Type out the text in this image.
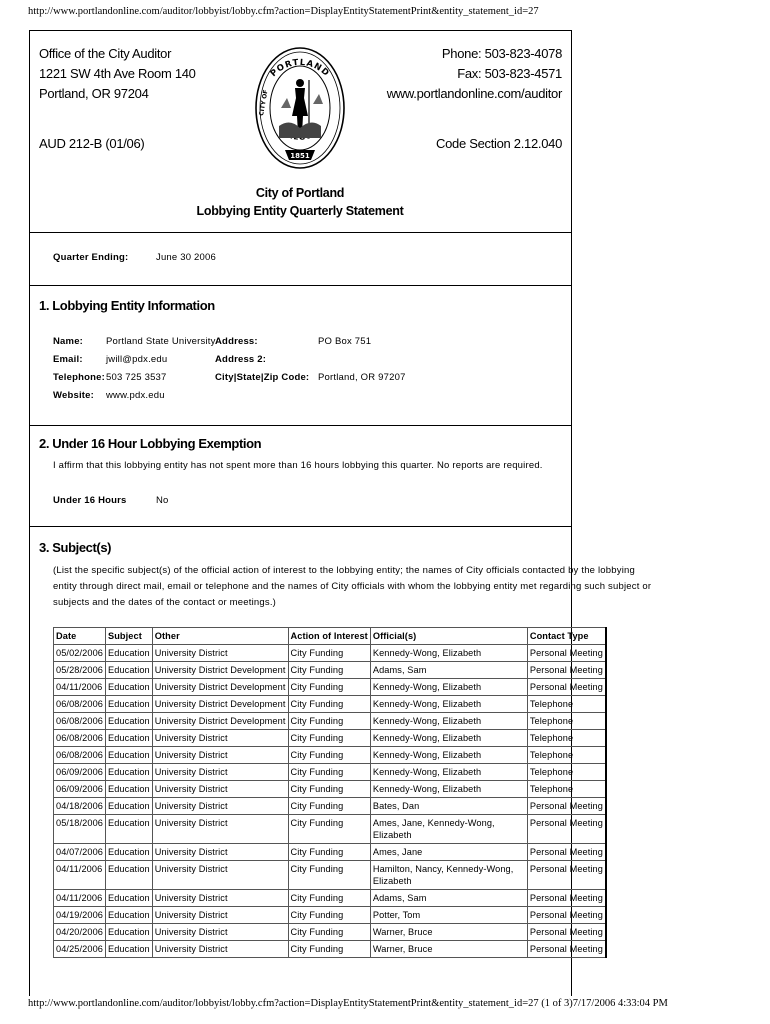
http://www.portlandonline.com/auditor/lobbyist/lobby.cfm?action=DisplayEntityStatementPrint&entity_statement_id=27
Office of the City Auditor
1221 SW 4th Ave Room 140
Portland, OR 97204
Phone: 503-823-4078
Fax: 503-823-4571
www.portlandonline.com/auditor
AUD 212-B (01/06)	Code Section 2.12.040
PORTLAND
CITY OF
1851
City of Portland
Lobbying Entity Quarterly Statement
Quarter Ending:	June 30 2006
1. Lobbying Entity Information
Name: Portland State University
Email: jwill@pdx.edu
Telephone: 503 725 3537
Website: www.pdx.edu
Address:	PO Box 751
Address 2:
City|State|Zip Code: Portland, OR 97207
2. Under 16 Hour Lobbying Exemption
I affirm that this lobbying entity has not spent more than 16 hours lobbying this quarter. No reports are required.
Under 16 Hours	No
3. Subject(s)
(List the specific subject(s) of the official action of interest to the lobbying entity; the names of City officials contacted by the lobbying
entity through direct mail, email or telephone and the names of City officials with whom the lobbying entity met regarding such subject or
subjects and the dates of the contact or meetings.)
Date	Subject	Other	Action of Interest	Official(s)	Contact Type
05/02/2006	Education	University District	City Funding	Kennedy-Wong, Elizabeth	Personal Meeting
05/28/2006	Education	University District Development	City Funding	Adams, Sam	Personal Meeting
04/11/2006	Education	University District Development	City Funding	Kennedy-Wong, Elizabeth	Personal Meeting
06/08/2006	Education	University District Development	City Funding	Kennedy-Wong, Elizabeth	Telephone
06/08/2006	Education	University District Development	City Funding	Kennedy-Wong, Elizabeth	Telephone
06/08/2006	Education	University District	City Funding	Kennedy-Wong, Elizabeth	Telephone
06/08/2006	Education	University District	City Funding	Kennedy-Wong, Elizabeth	Telephone
06/09/2006	Education	University District	City Funding	Kennedy-Wong, Elizabeth	Telephone
06/09/2006	Education	University District	City Funding	Kennedy-Wong, Elizabeth	Telephone
04/18/2006	Education	University District	City Funding	Bates, Dan	Personal Meeting
05/18/2006	Education	University District	City Funding	Ames, Jane, Kennedy-Wong, Elizabeth	Personal Meeting
04/07/2006	Education	University District	City Funding	Ames, Jane	Personal Meeting
04/11/2006	Education	University District	City Funding	Hamilton, Nancy, Kennedy-Wong, Elizabeth	Personal Meeting
04/11/2006	Education	University District	City Funding	Adams, Sam	Personal Meeting
04/19/2006	Education	University District	City Funding	Potter, Tom	Personal Meeting
04/20/2006	Education	University District	City Funding	Warner, Bruce	Personal Meeting
04/25/2006	Education	University District	City Funding	Warner, Bruce	Personal Meeting
http://www.portlandonline.com/auditor/lobbyist/lobby.cfm?action=DisplayEntityStatementPrint&entity_statement_id=27 (1 of 3)7/17/2006 4:33:04 PM
